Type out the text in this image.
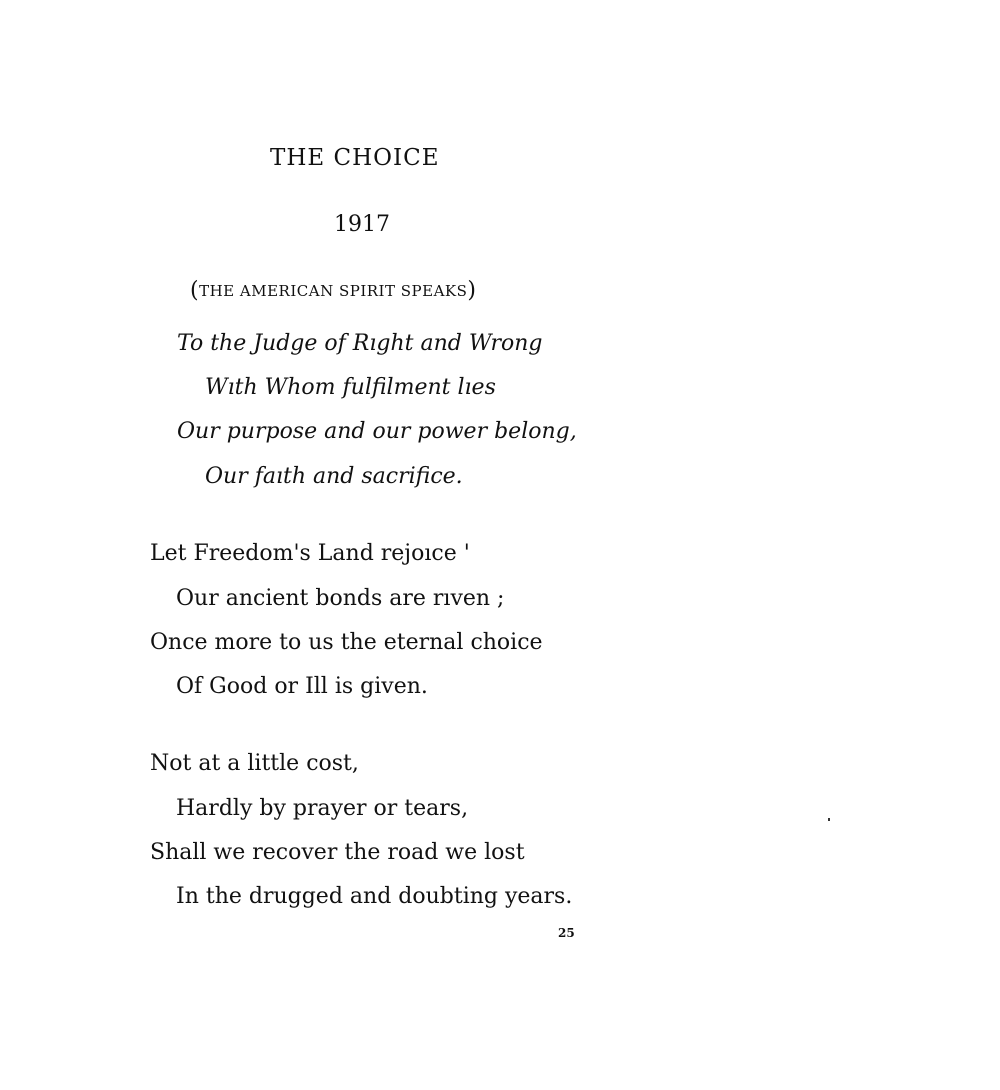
THE CHOICE
1917
(THE AMERICAN SPIRIT SPEAKS)
To the Judge of Rıght and Wrong
Wıth Whom fulfilment lıes
Our purpose and our power belong,
Our faıth and sacrifice.
Let Freedom's Land rejoıce '
Our ancient bonds are rıven ;
Once more to us the eternal choice
Of Good or Ill is given.
Not at a little cost,
Hardly by prayer or tears,
Shall we recover the road we lost
In the drugged and doubting years.
25
